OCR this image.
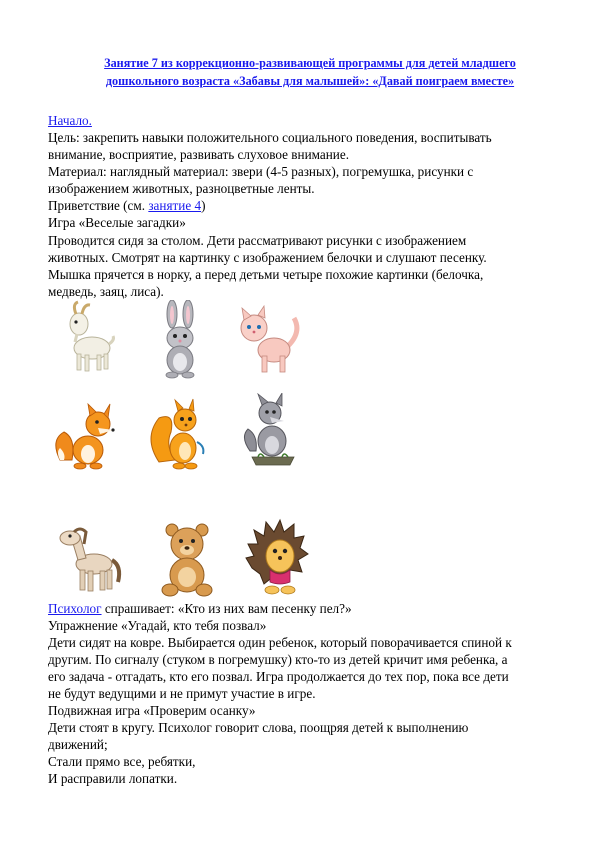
Занятие 7 из коррекционно-развивающей программы для детей младшего
дошкольного возраста «Забавы для малышей»: «Давай поиграем вместе»
Начало.
Цель: закрепить навыки положительного социального поведения, воспитывать
внимание, восприятие, развивать слуховое внимание.
Материал: наглядный материал: звери (4-5 разных), погремушка, рисунки с
изображением животных, разноцветные ленты.
Приветствие (см. занятие 4)
Игра «Веселые загадки»
Проводится сидя за столом. Дети рассматривают рисунки с изображением
животных. Смотрят на картинку с изображением белочки и слушают песенку.
Мышка прячется в норку, а перед детьми четыре похожие картинки (белочка,
медведь, заяц, лиса).
Психолог спрашивает: «Кто из них вам песенку пел?»
Упражнение «Угадай, кто тебя позвал»
Дети сидят на ковре. Выбирается один ребенок, который поворачивается спиной к
другим. По сигналу (стуком в погремушку) кто-то из детей кричит имя ребенка, а
его задача - отгадать, кто его позвал. Игра продолжается до тех пор, пока все дети
не будут ведущими и не примут участие в игре.
Подвижная игра «Проверим осанку»
Дети стоят в кругу. Психолог говорит слова, поощряя детей к выполнению
движений;
Стали прямо все, ребятки,
И расправили лопатки.
